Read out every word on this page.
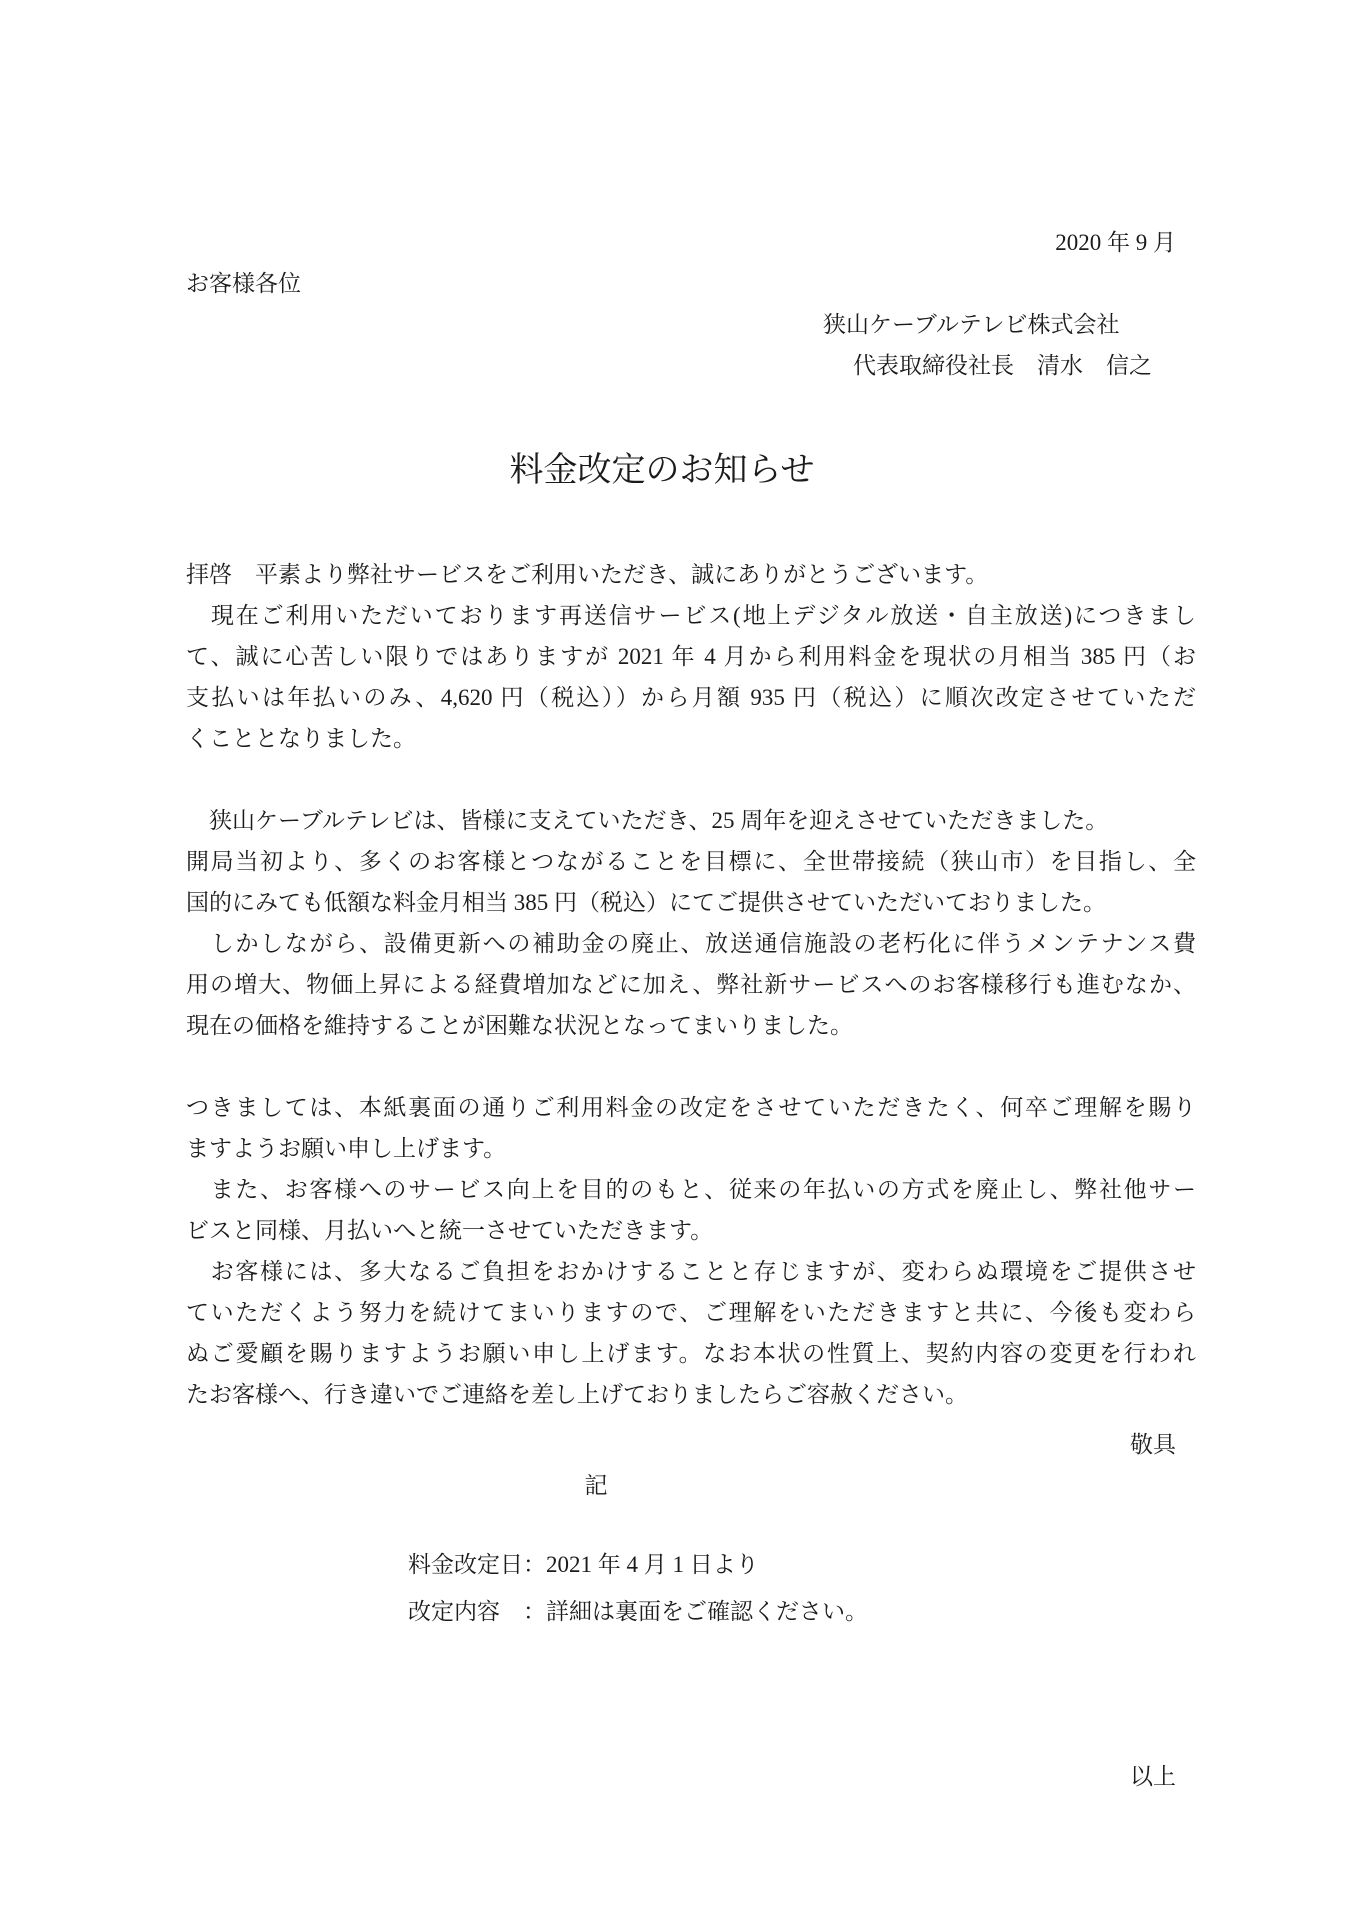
2020 年 9 月
お客様各位
狭山ケーブルテレビ株式会社
代表取締役社長　清水　信之
料金改定のお知らせ
拝啓　平素より弊社サービスをご利用いただき、誠にありがとうございます。
　現在ご利用いただいております再送信サービス(地上デジタル放送・自主放送)につきまし
て、誠に心苦しい限りではありますが 2021 年 4 月から利用料金を現状の月相当 385 円（お
支払いは年払いのみ、4,620 円（税込））から月額 935 円（税込）に順次改定させていただ
くこととなりました。
　狭山ケーブルテレビは、皆様に支えていただき、25 周年を迎えさせていただきました。
開局当初より、多くのお客様とつながることを目標に、全世帯接続（狭山市）を目指し、全
国的にみても低額な料金月相当 385 円（税込）にてご提供させていただいておりました。
　しかしながら、設備更新への補助金の廃止、放送通信施設の老朽化に伴うメンテナンス費
用の増大、物価上昇による経費増加などに加え、弊社新サービスへのお客様移行も進むなか、
現在の価格を維持することが困難な状況となってまいりました。
つきましては、本紙裏面の通りご利用料金の改定をさせていただきたく、何卒ご理解を賜り
ますようお願い申し上げます。
　また、お客様へのサービス向上を目的のもと、従来の年払いの方式を廃止し、弊社他サー
ビスと同様、月払いへと統一させていただきます。
　お客様には、多大なるご負担をおかけすることと存じますが、変わらぬ環境をご提供させ
ていただくよう努力を続けてまいりますので、ご理解をいただきますと共に、今後も変わら
ぬご愛顧を賜りますようお願い申し上げます。なお本状の性質上、契約内容の変更を行われ
たお客様へ、行き違いでご連絡を差し上げておりましたらご容赦ください。
敬具
記
料金改定日：2021 年 4 月 1 日より
改定内容　：詳細は裏面をご確認ください。
以上
